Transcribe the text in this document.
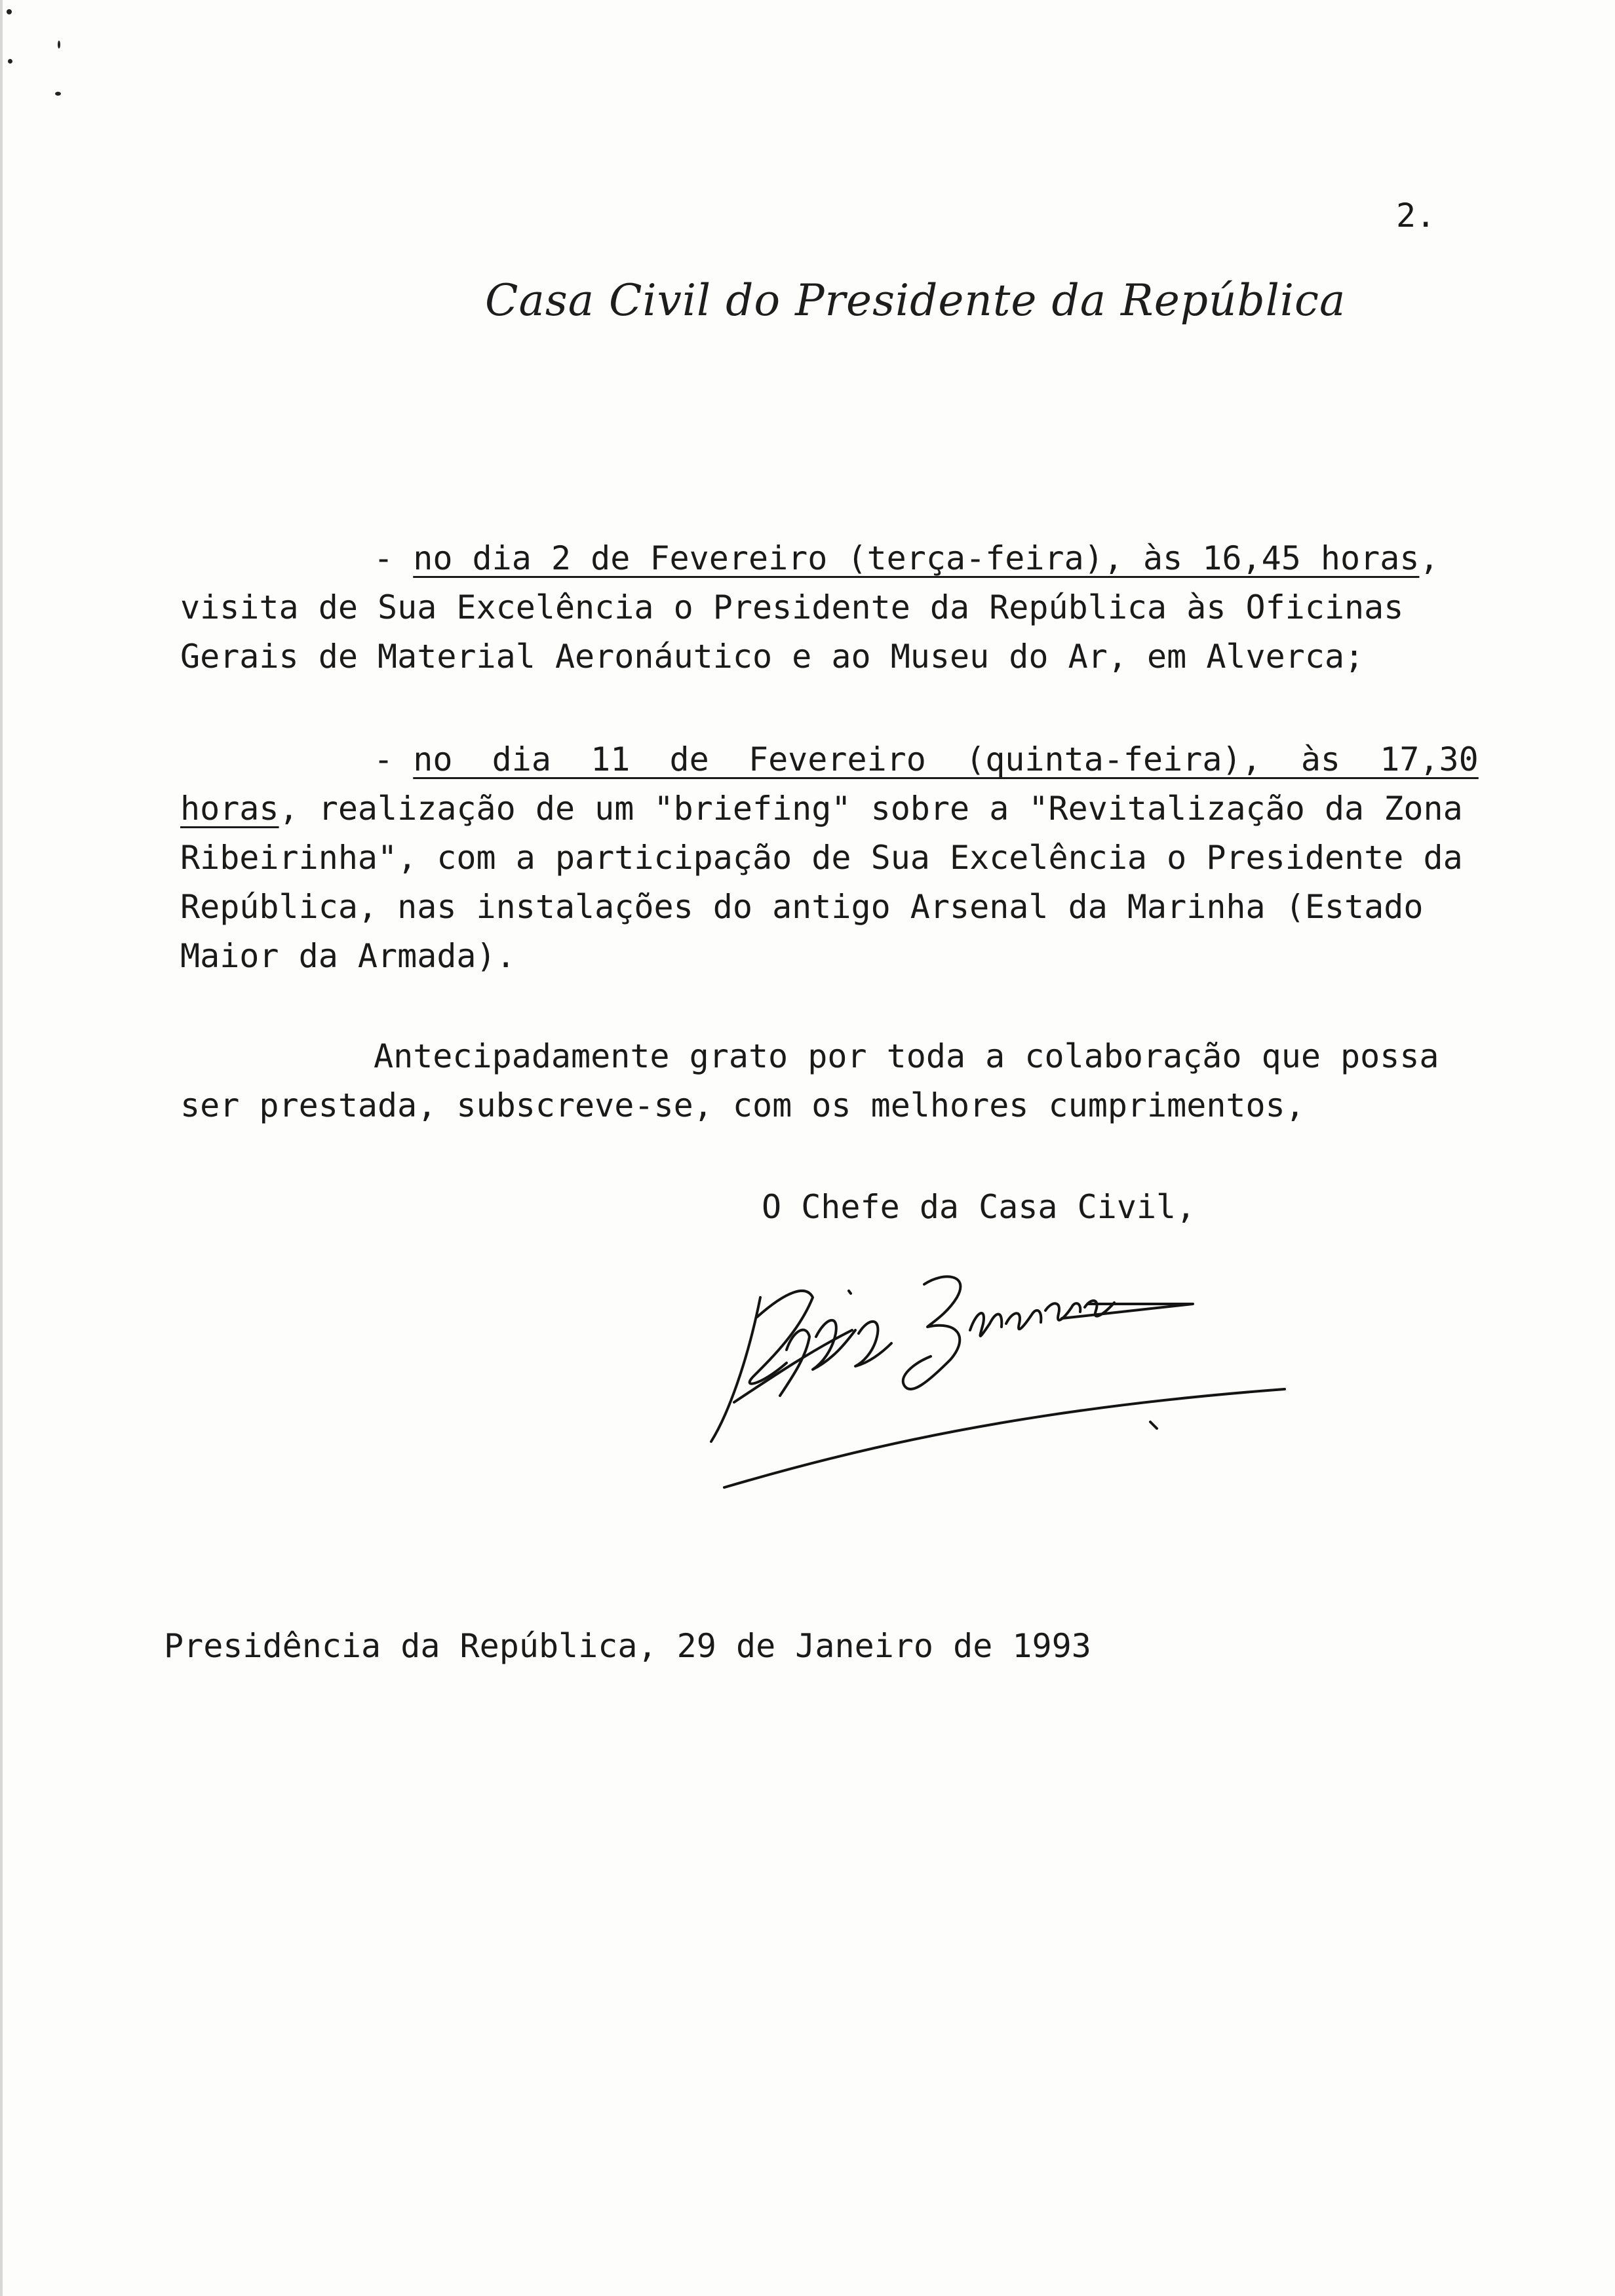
2.
Casa Civil do Presidente da República
- no dia 2 de Fevereiro (terça-feira), às 16,45 horas,
visita de Sua Excelência o Presidente da República às Oficinas
Gerais de Material Aeronáutico e ao Museu do Ar, em Alverca;
- no  dia  11  de  Fevereiro  (quinta-feira),  às  17,30
horas, realização de um "briefing" sobre a "Revitalização da Zona
Ribeirinha", com a participação de Sua Excelência o Presidente da
República, nas instalações do antigo Arsenal da Marinha (Estado
Maior da Armada).
Antecipadamente grato por toda a colaboração que possa
ser prestada, subscreve-se, com os melhores cumprimentos,
O Chefe da Casa Civil,
Presidência da República, 29 de Janeiro de 1993
